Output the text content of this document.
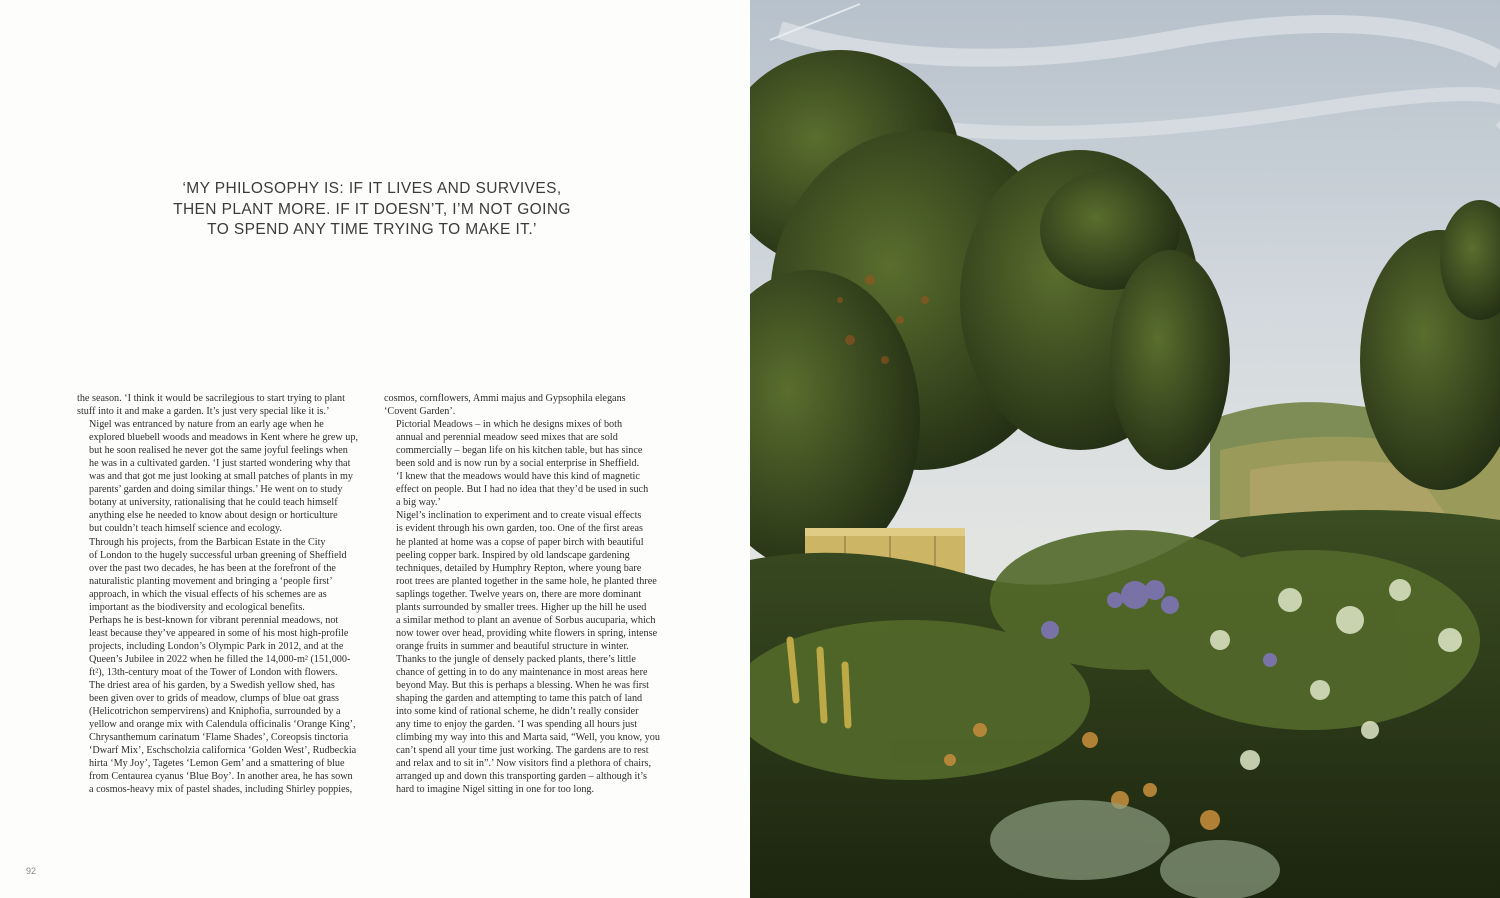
‘MY PHILOSOPHY IS: IF IT LIVES AND SURVIVES,
THEN PLANT MORE. IF IT DOESN’T, I’M NOT GOING
TO SPEND ANY TIME TRYING TO MAKE IT.’

the season. ‘I think it would be sacrilegious to start trying to plant
stuff into it and make a garden. It’s just very special like it is.’

Nigel was entranced by nature from an early age when he
explored bluebell woods and meadows in Kent where he grew up,
but he soon realised he never got the same joyful feelings when
he was in a cultivated garden. ‘I just started wondering why that
was and that got me just looking at small patches of plants in my
parents’ garden and doing similar things.’ He went on to study
botany at university, rationalising that he could teach himself
anything else he needed to know about design or horticulture
but couldn’t teach himself science and ecology.

Through his projects, from the Barbican Estate in the City
of London to the hugely successful urban greening of Sheffield
over the past two decades, he has been at the forefront of the
naturalistic planting movement and bringing a ‘people first’
approach, in which the visual effects of his schemes are as
important as the biodiversity and ecological benefits.

Perhaps he is best-known for vibrant perennial meadows, not
least because they’ve appeared in some of his most high-profile
projects, including London’s Olympic Park in 2012, and at the
Queen’s Jubilee in 2022 when he filled the 14,000-m² (151,000-
ft²), 13th-century moat of the Tower of London with flowers.

The driest area of his garden, by a Swedish yellow shed, has
been given over to grids of meadow, clumps of blue oat grass
(Helicotrichon sempervirens) and Kniphofia, surrounded by a
yellow and orange mix with Calendula officinalis ‘Orange King’,
Chrysanthemum carinatum ‘Flame Shades’, Coreopsis tinctoria
‘Dwarf Mix’, Eschscholzia californica ‘Golden West’, Rudbeckia
hirta ‘My Joy’, Tagetes ‘Lemon Gem’ and a smattering of blue
from Centaurea cyanus ‘Blue Boy’. In another area, he has sown
a cosmos-heavy mix of pastel shades, including Shirley poppies,

cosmos, cornflowers, Ammi majus and Gypsophila elegans
‘Covent Garden’.

Pictorial Meadows – in which he designs mixes of both
annual and perennial meadow seed mixes that are sold
commercially – began life on his kitchen table, but has since
been sold and is now run by a social enterprise in Sheffield.
‘I knew that the meadows would have this kind of magnetic
effect on people. But I had no idea that they’d be used in such
a big way.’

Nigel’s inclination to experiment and to create visual effects
is evident through his own garden, too. One of the first areas
he planted at home was a copse of paper birch with beautiful
peeling copper bark. Inspired by old landscape gardening
techniques, detailed by Humphry Repton, where young bare
root trees are planted together in the same hole, he planted three
saplings together. Twelve years on, there are more dominant
plants surrounded by smaller trees. Higher up the hill he used
a similar method to plant an avenue of Sorbus aucuparia, which
now tower over head, providing white flowers in spring, intense
orange fruits in summer and beautiful structure in winter.

Thanks to the jungle of densely packed plants, there’s little
chance of getting in to do any maintenance in most areas here
beyond May. But this is perhaps a blessing. When he was first
shaping the garden and attempting to tame this patch of land
into some kind of rational scheme, he didn’t really consider
any time to enjoy the garden. ‘I was spending all hours just
climbing my way into this and Marta said, “Well, you know, you
can’t spend all your time just working. The gardens are to rest
and relax and to sit in”.’ Now visitors find a plethora of chairs,
arranged up and down this transporting garden – although it’s
hard to imagine Nigel sitting in one for too long.

92
